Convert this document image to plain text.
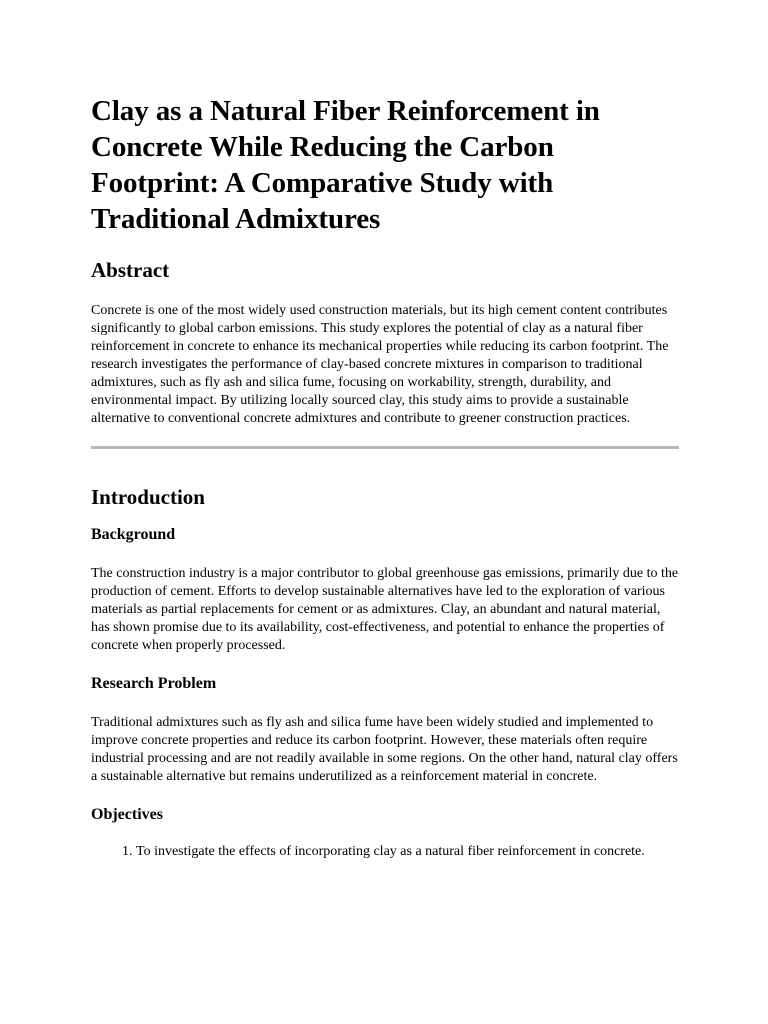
Clay as a Natural Fiber Reinforcement in Concrete While Reducing the Carbon Footprint: A Comparative Study with Traditional Admixtures
Abstract

Concrete is one of the most widely used construction materials, but its high cement content contributes significantly to global carbon emissions. This study explores the potential of clay as a natural fiber reinforcement in concrete to enhance its mechanical properties while reducing its carbon footprint. The research investigates the performance of clay-based concrete mixtures in comparison to traditional admixtures, such as fly ash and silica fume, focusing on workability, strength, durability, and environmental impact. By utilizing locally sourced clay, this study aims to provide a sustainable alternative to conventional concrete admixtures and contribute to greener construction practices.

Introduction
Background

The construction industry is a major contributor to global greenhouse gas emissions, primarily due to the production of cement. Efforts to develop sustainable alternatives have led to the exploration of various materials as partial replacements for cement or as admixtures. Clay, an abundant and natural material, has shown promise due to its availability, cost-effectiveness, and potential to enhance the properties of concrete when properly processed.

Research Problem

Traditional admixtures such as fly ash and silica fume have been widely studied and implemented to improve concrete properties and reduce its carbon footprint. However, these materials often require industrial processing and are not readily available in some regions. On the other hand, natural clay offers a sustainable alternative but remains underutilized as a reinforcement material in concrete.

Objectives
1. To investigate the effects of incorporating clay as a natural fiber reinforcement in concrete.
